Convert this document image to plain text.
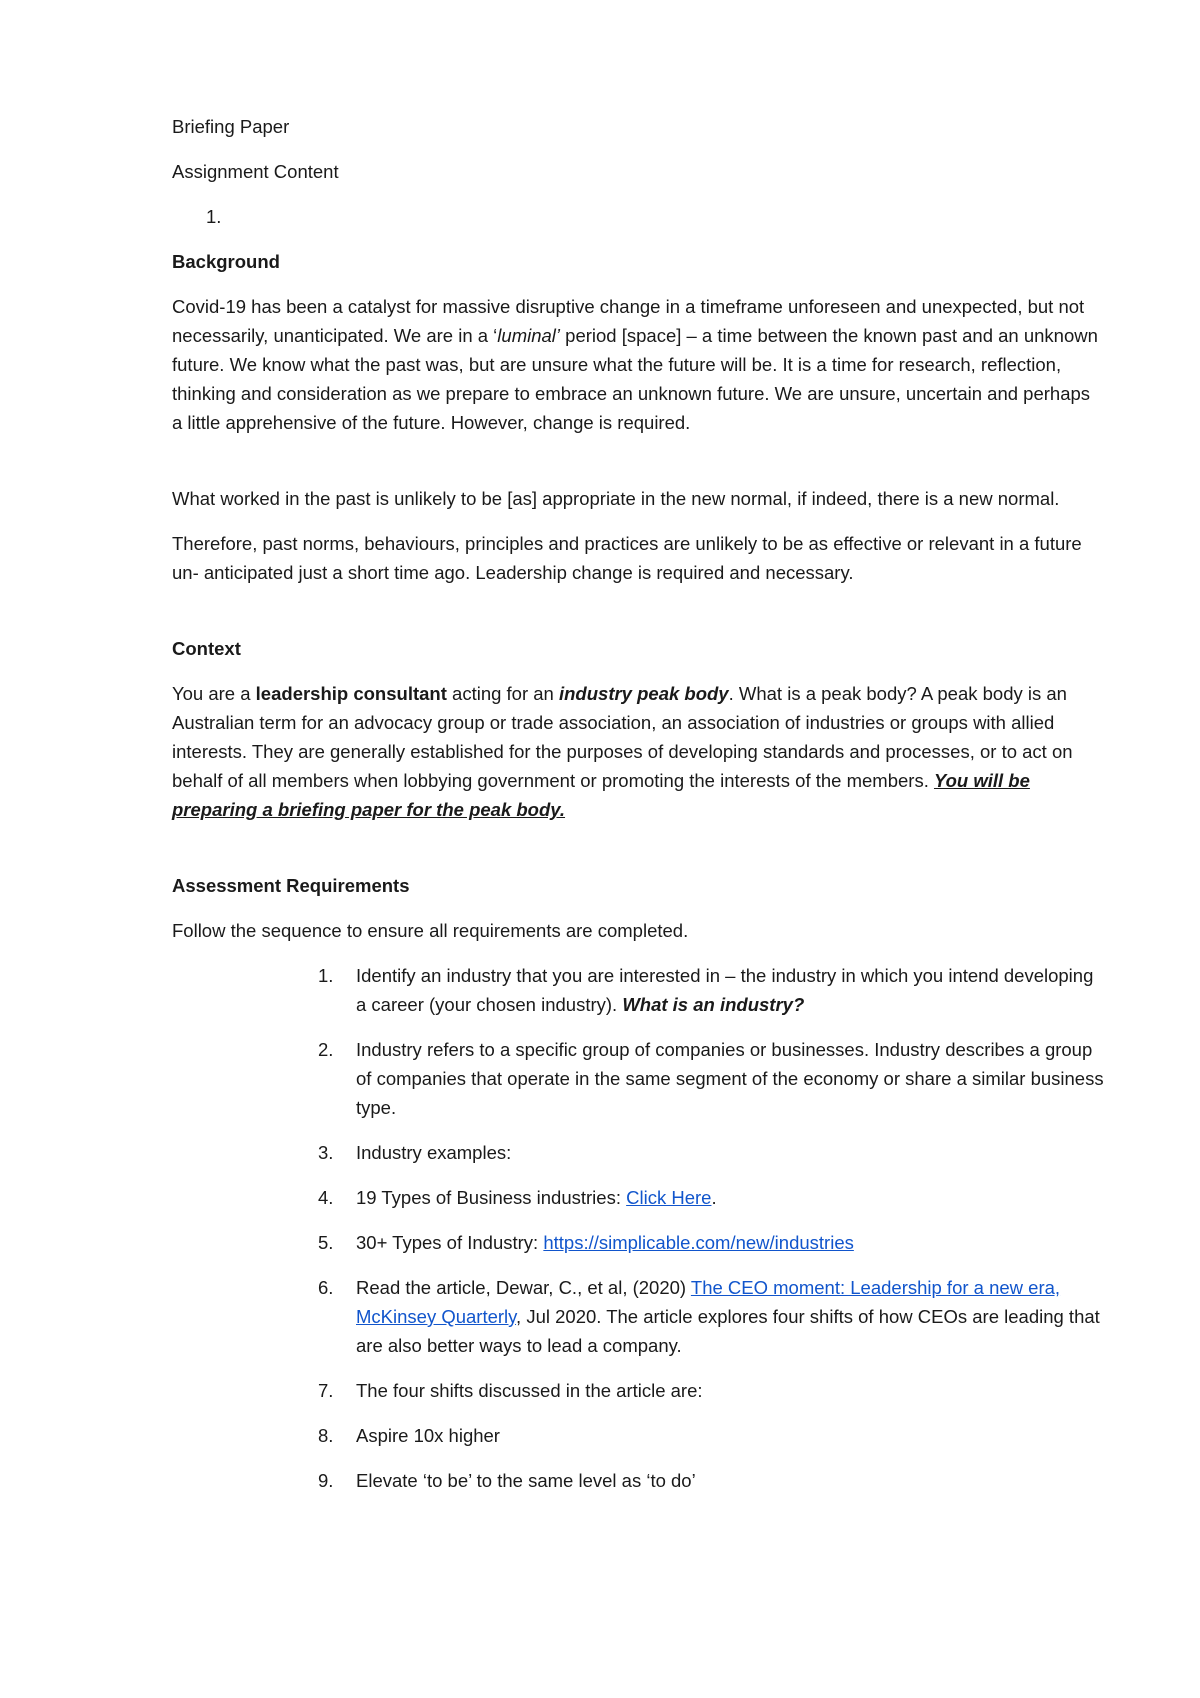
Briefing Paper

Assignment Content

1.

Background

Covid-19 has been a catalyst for massive disruptive change in a timeframe unforeseen and unexpected, but not necessarily, unanticipated. We are in a ‘luminal’ period [space] – a time between the known past and an unknown future. We know what the past was, but are unsure what the future will be. It is a time for research, reflection, thinking and consideration as we prepare to embrace an unknown future. We are unsure, uncertain and perhaps a little apprehensive of the future. However, change is required.

What worked in the past is unlikely to be [as] appropriate in the new normal, if indeed, there is a new normal.

Therefore, past norms, behaviours, principles and practices are unlikely to be as effective or relevant in a future un- anticipated just a short time ago. Leadership change is required and necessary.

Context

You are a leadership consultant acting for an industry peak body. What is a peak body? A peak body is an Australian term for an advocacy group or trade association, an association of industries or groups with allied interests. They are generally established for the purposes of developing standards and processes, or to act on behalf of all members when lobbying government or promoting the interests of the members. You will be preparing a briefing paper for the peak body.

Assessment Requirements

Follow the sequence to ensure all requirements are completed.

1. Identify an industry that you are interested in – the industry in which you intend developing a career (your chosen industry). What is an industry?
2. Industry refers to a specific group of companies or businesses. Industry describes a group of companies that operate in the same segment of the economy or share a similar business type.
3. Industry examples:
4. 19 Types of Business industries: Click Here.
5. 30+ Types of Industry: https://simplicable.com/new/industries
6. Read the article, Dewar, C., et al, (2020) The CEO moment: Leadership for a new era, McKinsey Quarterly, Jul 2020. The article explores four shifts of how CEOs are leading that are also better ways to lead a company.
7. The four shifts discussed in the article are:
8. Aspire 10x higher
9. Elevate ‘to be’ to the same level as ‘to do’
